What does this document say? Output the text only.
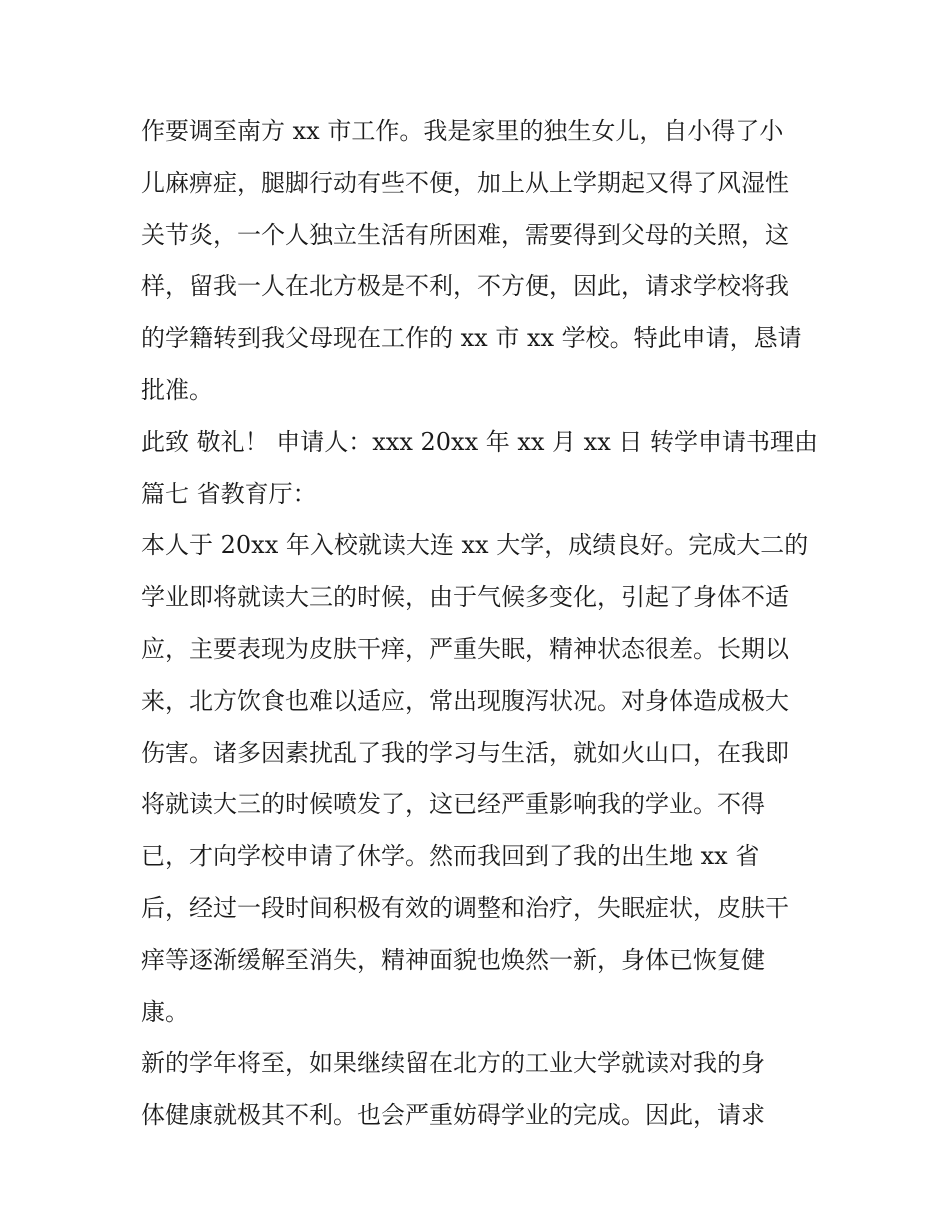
作要调至南方 xx 市工作。我是家里的独生女儿，自小得了小
儿麻痹症，腿脚行动有些不便，加上从上学期起又得了风湿性
关节炎，一个人独立生活有所困难，需要得到父母的关照，这
样，留我一人在北方极是不利，不方便，因此，请求学校将我
的学籍转到我父母现在工作的 xx 市 xx 学校。特此申请，恳请
批准。
此致 敬礼！ 申请人：xxx 20xx 年 xx 月 xx 日 转学申请书理由
篇七 省教育厅：
本人于 20xx 年入校就读大连 xx 大学，成绩良好。完成大二的
学业即将就读大三的时候，由于气候多变化，引起了身体不适
应，主要表现为皮肤干痒，严重失眠，精神状态很差。长期以
来，北方饮食也难以适应，常出现腹泻状况。对身体造成极大
伤害。诸多因素扰乱了我的学习与生活，就如火山口，在我即
将就读大三的时候喷发了，这已经严重影响我的学业。不得
已，才向学校申请了休学。然而我回到了我的出生地 xx 省
后，经过一段时间积极有效的调整和治疗，失眠症状，皮肤干
痒等逐渐缓解至消失，精神面貌也焕然一新，身体已恢复健
康。
新的学年将至，如果继续留在北方的工业大学就读对我的身
体健康就极其不利。也会严重妨碍学业的完成。因此，请求
